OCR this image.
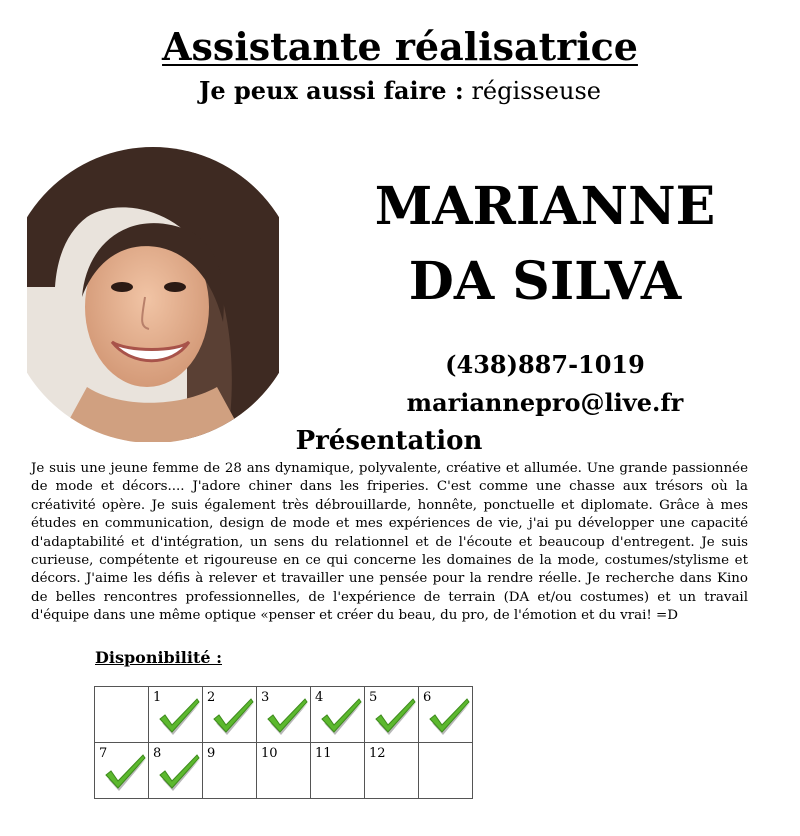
Assistante réalisatrice
Je peux aussi faire : régisseuse
MARIANNE
DA SILVA
(438)887-1019
mariannepro@live.fr
Présentation
Je suis une jeune femme de 28 ans dynamique, polyvalente, créative et allumée. Une grande passionnée de mode et décors.... J'adore chiner dans les friperies. C'est comme une chasse aux trésors où la créativité opère. Je suis également très débrouillarde, honnête, ponctuelle et diplomate. Grâce à mes études en communication, design de mode et mes expériences de vie, j'ai pu développer une capacité d'adaptabilité et d'intégration, un sens du relationnel et de l'écoute et beaucoup d'entregent. Je suis curieuse, compétente et rigoureuse en ce qui concerne les domaines de la mode, costumes/stylisme et décors. J'aime les défis à relever et travailler une pensée pour la rendre réelle. Je recherche dans Kino de belles rencontres professionnelles, de l'expérience de terrain (DA et/ou costumes) et un travail d'équipe dans une même optique «penser et créer du beau, du pro, de l'émotion et du vrai! =D
Disponibilité :

	1	2	3	4	5	6

7	8	9	10	11	12	
